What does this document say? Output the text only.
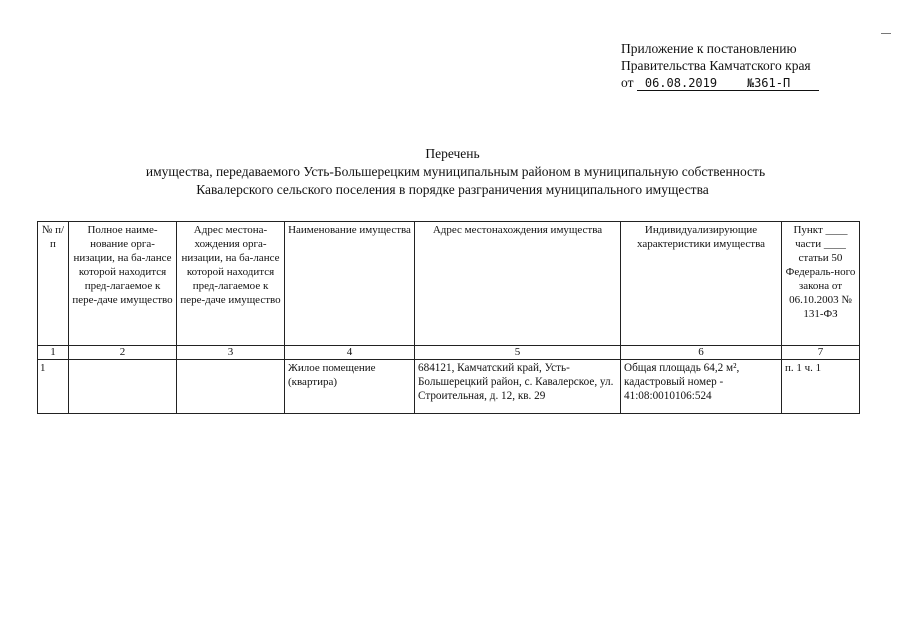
Приложение к постановлению
Правительства Камчатского края
от 06.08.2019 №361-П
Перечень
имущества, передаваемого Усть-Большерецким муниципальным районом в муниципальную собственность
Кавалерского сельского поселения в порядке разграничения муниципального имущества
№ п/п	Полное наиме-нование орга-низации, на ба-лансе которой находится пред-лагаемое к пере-даче имущество	Адрес местона-хождения орга-низации, на ба-лансе которой находится пред-лагаемое к пере-даче имущество	Наименование имущества	Адрес местонахождения имущества	Индивидуализирующие характеристики имущества	Пункт ____ части ____ статьи 50 Федераль-ного закона от 06.10.2003 № 131-ФЗ
1	2	3	4	5	6	7
1			Жилое помещение (квартира)	684121, Камчатский край, Усть-Большерецкий район, с. Кавалерское, ул. Строительная, д. 12, кв. 29	Общая площадь 64,2 м², кадастровый номер - 41:08:0010106:524	п. 1 ч. 1
